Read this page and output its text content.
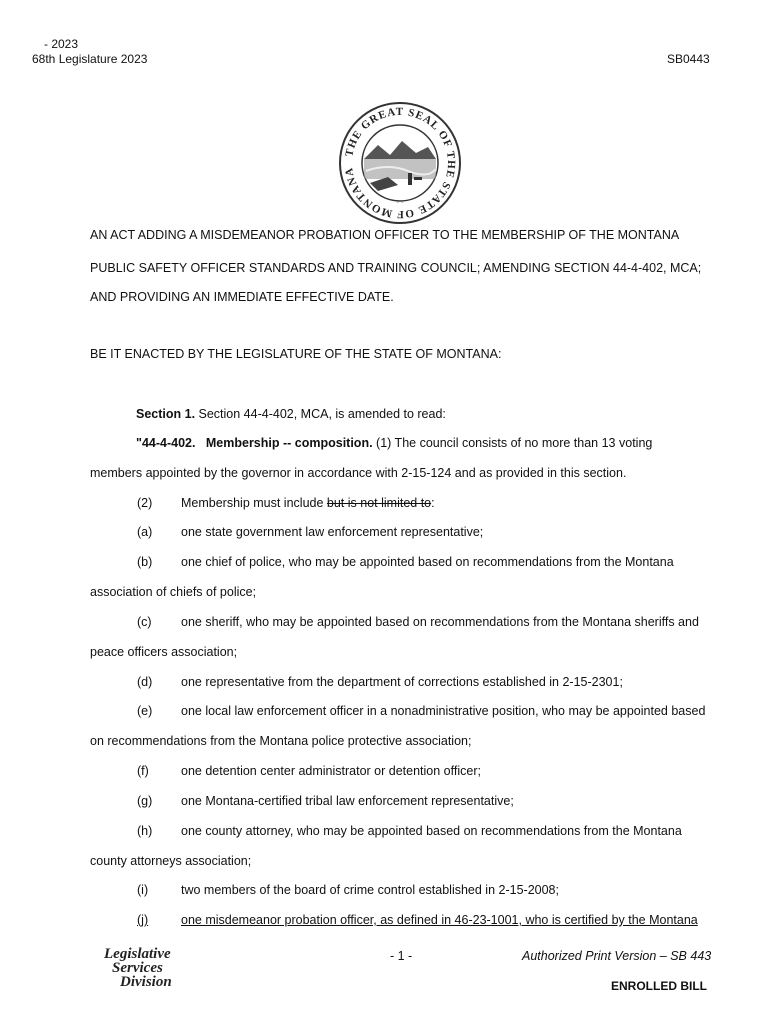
- 2023
68th Legislature 2023	SB0443
THE GREAT SEAL OF THE STATE OF MONTANA
· ·
AN ACT ADDING A MISDEMEANOR PROBATION OFFICER TO THE MEMBERSHIP OF THE MONTANA
PUBLIC SAFETY OFFICER STANDARDS AND TRAINING COUNCIL; AMENDING SECTION 44-4-402, MCA;
AND PROVIDING AN IMMEDIATE EFFECTIVE DATE.
BE IT ENACTED BY THE LEGISLATURE OF THE STATE OF MONTANA:
Section 1. Section 44-4-402, MCA, is amended to read:
"44-4-402. Membership -- composition. (1) The council consists of no more than 13 voting
members appointed by the governor in accordance with 2-15-124 and as provided in this section.
(2) Membership must include but is not limited to:
(a) one state government law enforcement representative;
(b) one chief of police, who may be appointed based on recommendations from the Montana
association of chiefs of police;
(c) one sheriff, who may be appointed based on recommendations from the Montana sheriffs and
peace officers association;
(d) one representative from the department of corrections established in 2-15-2301;
(e) one local law enforcement officer in a nonadministrative position, who may be appointed based
on recommendations from the Montana police protective association;
(f)	one detention center administrator or detention officer;
(g) one Montana-certified tribal law enforcement representative;
(h) one county attorney, who may be appointed based on recommendations from the Montana
county attorneys association;
(i)	two members of the board of crime control established in 2-15-2008;
(j)	one misdemeanor probation officer, as defined in 46-23-1001, who is certified by the Montana
Legislative
Services
Division
- 1 -	Authorized Print Version – SB 443
ENROLLED BILL
